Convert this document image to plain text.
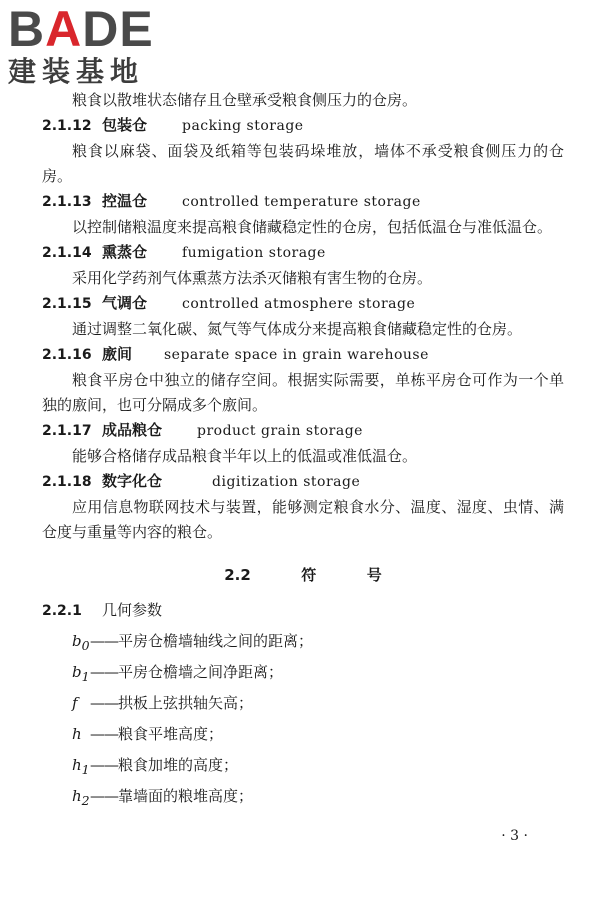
BADE
建装基地

粮食以散堆状态储存且仓壁承受粮食侧压力的仓房。

2.1.12 包装仓 packing storage

粮食以麻袋、面袋及纸箱等包装码垛堆放，墙体不承受粮食侧压力的仓房。

2.1.13 控温仓 controlled temperature storage

以控制储粮温度来提高粮食储藏稳定性的仓房，包括低温仓与准低温仓。

2.1.14 熏蒸仓 fumigation storage

采用化学药剂气体熏蒸方法杀灭储粮有害生物的仓房。

2.1.15 气调仓 controlled atmosphere storage

通过调整二氧化碳、氮气等气体成分来提高粮食储藏稳定性的仓房。

2.1.16 廒间 separate space in grain warehouse

粮食平房仓中独立的储存空间。根据实际需要，单栋平房仓可作为一个单独的廒间，也可分隔成多个廒间。

2.1.17 成品粮仓 product grain storage

能够合格储存成品粮食半年以上的低温或准低温仓。

2.1.18 数字化仓	digitization storage

应用信息物联网技术与装置，能够测定粮食水分、温度、湿度、虫情、满仓度与重量等内容的粮仓。

2.2	符	号

2.2.1 几何参数

$b_0——$平房仓檐墙轴线之间的距离；

$b_1——$平房仓檐墙之间净距离；

f ——拱板上弦拱轴矢高；

h ——粮食平堆高度；

$h_1——$粮食加堆的高度；

$h_2——$靠墙面的粮堆高度；

· 3 ·
